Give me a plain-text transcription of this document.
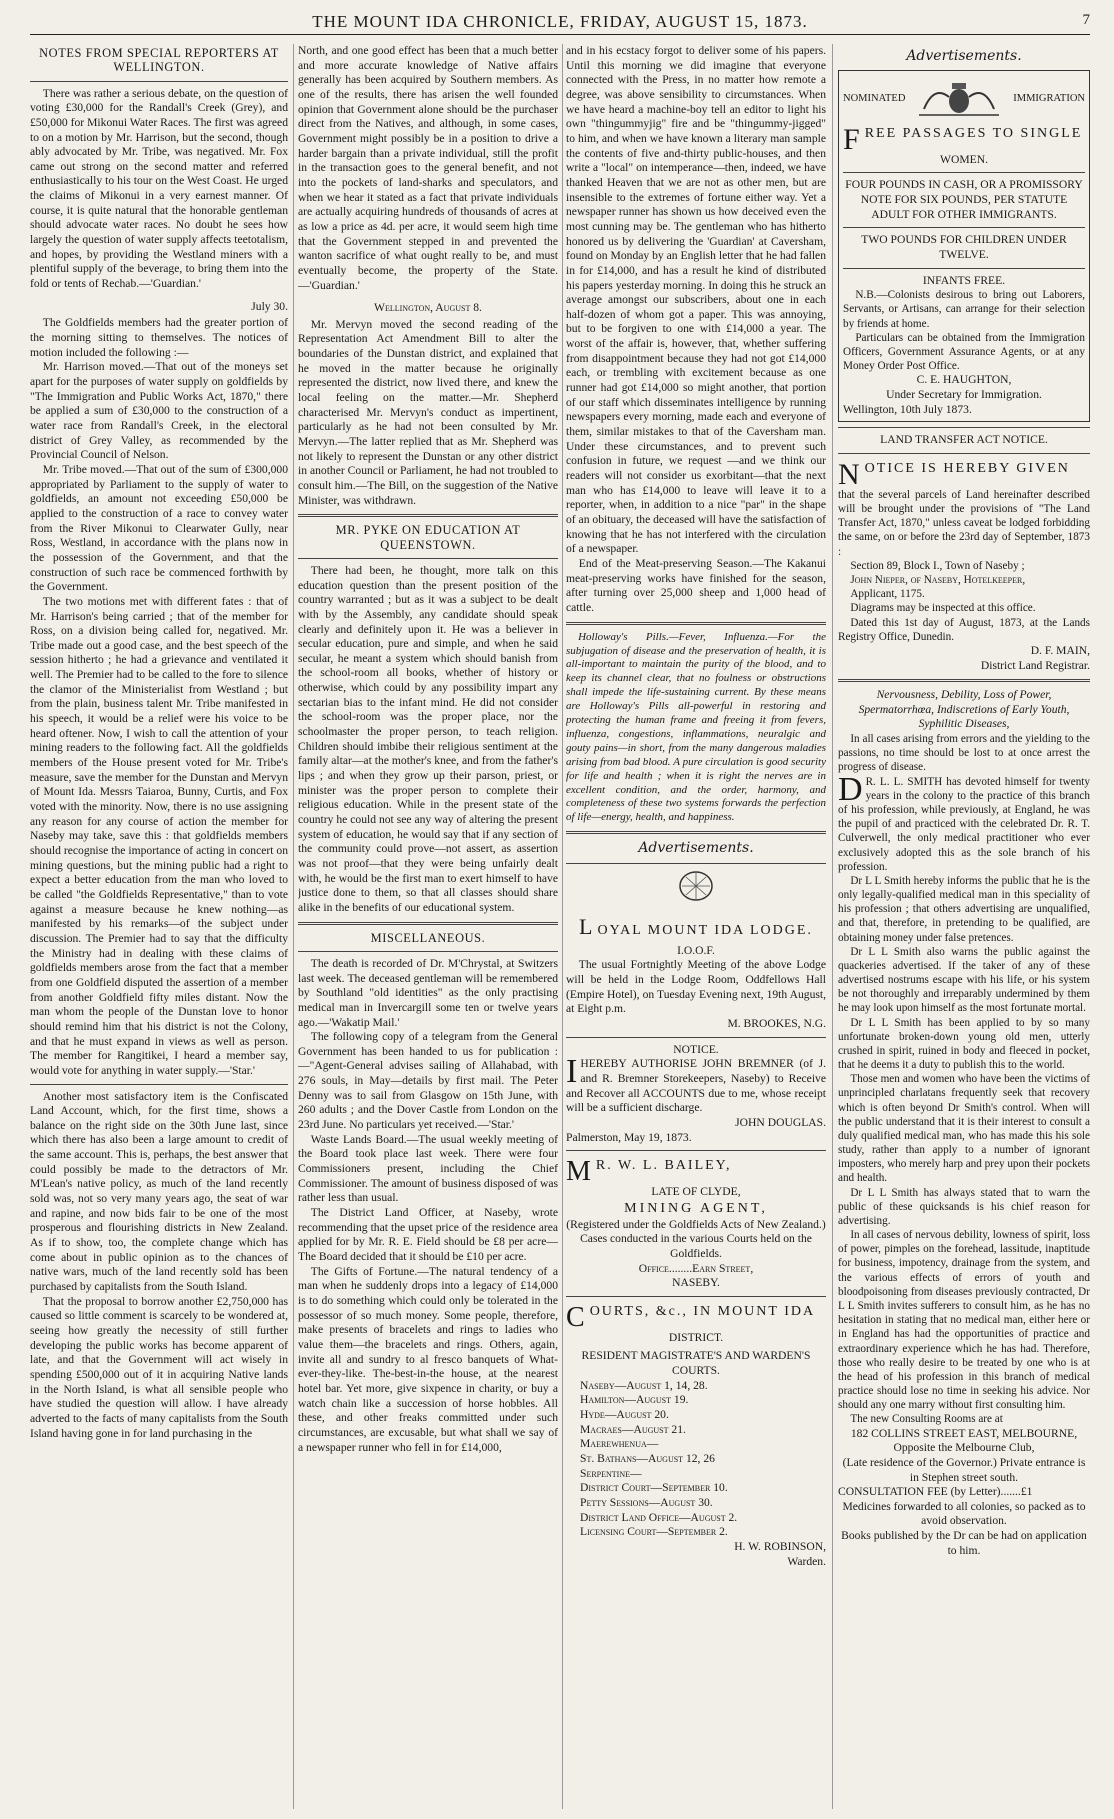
THE MOUNT IDA CHRONICLE, FRIDAY, AUGUST 15, 1873.	7
NOTES FROM SPECIAL REPORTERS AT WELLINGTON.

There was rather a serious debate, on the question of voting £30,000 for the Randall's Creek (Grey), and £50,000 for Mikonui Water Races. The first was agreed to on a motion by Mr. Harrison, but the second, though ably advocated by Mr. Tribe, was negatived. Mr. Fox came out strong on the second matter and referred enthusiastically to his tour on the West Coast. He urged the claims of Mikonui in a very earnest manner. Of course, it is quite natural that the honorable gentleman should advocate water races. No doubt he sees how largely the question of water supply affects teetotalism, and hopes, by providing the Westland miners with a plentiful supply of the beverage, to bring them into the fold or tents of Rechab.—'Guardian.'

July 30.

The Goldfields members had the greater portion of the morning sitting to themselves. The notices of motion included the following :—

Mr. Harrison moved.—That out of the moneys set apart for the purposes of water supply on goldfields by "The Immigration and Public Works Act, 1870," there be applied a sum of £30,000 to the construction of a water race from Randall's Creek, in the electoral district of Grey Valley, as recommended by the Provincial Council of Nelson.

Mr. Tribe moved.—That out of the sum of £300,000 appropriated by Parliament to the supply of water to goldfields, an amount not exceeding £50,000 be applied to the construction of a race to convey water from the River Mikonui to Clearwater Gully, near Ross, Westland, in accordance with the plans now in the possession of the Government, and that the construction of such race be commenced forthwith by the Government.

The two motions met with different fates : that of Mr. Harrison's being carried ; that of the member for Ross, on a division being called for, negatived. Mr. Tribe made out a good case, and the best speech of the session hitherto ; he had a grievance and ventilated it well. The Premier had to be called to the fore to silence the clamor of the Ministerialist from Westland ; but from the plain, business talent Mr. Tribe manifested in his speech, it would be a relief were his voice to be heard oftener. Now, I wish to call the attention of your mining readers to the following fact. All the goldfields members of the House present voted for Mr. Tribe's measure, save the member for the Dunstan and Mervyn of Mount Ida. Messrs Taiaroa, Bunny, Curtis, and Fox voted with the minority. Now, there is no use assigning any reason for any course of action the member for Naseby may take, save this : that goldfields members should recognise the importance of acting in concert on mining questions, but the mining public had a right to expect a better education from the man who loved to be called "the Goldfields Representative," than to vote against a measure because he knew nothing—as manifested by his remarks—of the subject under discussion. The Premier had to say that the difficulty the Ministry had in dealing with these claims of goldfields members arose from the fact that a member from one Goldfield disputed the assertion of a member from another Goldfield fifty miles distant. Now the man whom the people of the Dunstan love to honor should remind him that his district is not the Colony, and that he must expand in views as well as person. The member for Rangitikei, I heard a member say, would vote for anything in water supply.—'Star.'

Another most satisfactory item is the Confiscated Land Account, which, for the first time, shows a balance on the right side on the 30th June last, since which there has also been a large amount to credit of the same account. This is, perhaps, the best answer that could possibly be made to the detractors of Mr. M'Lean's native policy, as much of the land recently sold was, not so very many years ago, the seat of war and rapine, and now bids fair to be one of the most prosperous and flourishing districts in New Zealand. As if to show, too, the complete change which has come about in public opinion as to the chances of native wars, much of the land recently sold has been purchased by capitalists from the South Island.

That the proposal to borrow another £2,750,000 has caused so little comment is scarcely to be wondered at, seeing how greatly the necessity of still further developing the public works has become apparent of late, and that the Government will act wisely in spending £500,000 out of it in acquiring Native lands in the North Island, is what all sensible people who have studied the question will allow. I have already adverted to the facts of many capitalists from the South Island having gone in for land purchasing in the

North, and one good effect has been that a much better and more accurate knowledge of Native affairs generally has been acquired by Southern members. As one of the results, there has arisen the well founded opinion that Government alone should be the purchaser direct from the Natives, and although, in some cases, Government might possibly be in a position to drive a harder bargain than a private individual, still the profit in the transaction goes to the general benefit, and not into the pockets of land-sharks and speculators, and when we hear it stated as a fact that private individuals are actually acquiring hundreds of thousands of acres at as low a price as 4d. per acre, it would seem high time that the Government stepped in and prevented the wanton sacrifice of what ought really to be, and must eventually become, the property of the State.—'Guardian.'

Wellington, August 8.

Mr. Mervyn moved the second reading of the Representation Act Amendment Bill to alter the boundaries of the Dunstan district, and explained that he moved in the matter because he originally represented the district, now lived there, and knew the local feeling on the matter.—Mr. Shepherd characterised Mr. Mervyn's conduct as impertinent, particularly as he had not been consulted by Mr. Mervyn.—The latter replied that as Mr. Shepherd was not likely to represent the Dunstan or any other district in another Council or Parliament, he had not troubled to consult him.—The Bill, on the suggestion of the Native Minister, was withdrawn.

MR. PYKE ON EDUCATION AT QUEENSTOWN.

There had been, he thought, more talk on this education question than the present position of the country warranted ; but as it was a subject to be dealt with by the Assembly, any candidate should speak clearly and definitely upon it. He was a believer in secular education, pure and simple, and when he said secular, he meant a system which should banish from the school-room all books, whether of history or otherwise, which could by any possibility impart any sectarian bias to the infant mind. He did not consider the school-room was the proper place, nor the schoolmaster the proper person, to teach religion. Children should imbibe their religious sentiment at the family altar—at the mother's knee, and from the father's lips ; and when they grow up their parson, priest, or minister was the proper person to complete their religious education. While in the present state of the country he could not see any way of altering the present system of education, he would say that if any section of the community could prove—not assert, as assertion was not proof—that they were being unfairly dealt with, he would be the first man to exert himself to have justice done to them, so that all classes should share alike in the benefits of our educational system.

MISCELLANEOUS.

The death is recorded of Dr. M'Chrystal, at Switzers last week. The deceased gentleman will be remembered by Southland "old identities" as the only practising medical man in Invercargill some ten or twelve years ago.—'Wakatip Mail.'

The following copy of a telegram from the General Government has been handed to us for publication :—"Agent-General advises sailing of Allahabad, with 276 souls, in May—details by first mail. The Peter Denny was to sail from Glasgow on 15th June, with 260 adults ; and the Dover Castle from London on the 23rd June. No particulars yet received.—'Star.'

Waste Lands Board.—The usual weekly meeting of the Board took place last week. There were four Commissioners present, including the Chief Commissioner. The amount of business disposed of was rather less than usual.

The District Land Officer, at Naseby, wrote recommending that the upset price of the residence area applied for by Mr. R. E. Field should be £8 per acre—The Board decided that it should be £10 per acre.

The Gifts of Fortune.—The natural tendency of a man when he suddenly drops into a legacy of £14,000 is to do something which could only be tolerated in the possessor of so much money. Some people, therefore, make presents of bracelets and rings to ladies who value them—the bracelets and rings. Others, again, invite all and sundry to al fresco banquets of What-ever-they-like. The-best-in-the house, at the nearest hotel bar. Yet more, give sixpence in charity, or buy a watch chain like a succession of horse hobbles. All these, and other freaks committed under such circumstances, are excusable, but what shall we say of a newspaper runner who fell in for £14,000,

and in his ecstacy forgot to deliver some of his papers. Until this morning we did imagine that everyone connected with the Press, in no matter how remote a degree, was above sensibility to circumstances. When we have heard a machine-boy tell an editor to light his own "thingummyjig" fire and be "thingummy-jigged" to him, and when we have known a literary man sample the contents of five and-thirty public-houses, and then write a "local" on intemperance—then, indeed, we have thanked Heaven that we are not as other men, but are insensible to the extremes of fortune either way. Yet a newspaper runner has shown us how deceived even the most cunning may be. The gentleman who has hitherto honored us by delivering the 'Guardian' at Caversham, found on Monday by an English letter that he had fallen in for £14,000, and has a result he kind of distributed his papers yesterday morning. In doing this he struck an average amongst our subscribers, about one in each half-dozen of whom got a paper. This was annoying, but to be forgiven to one with £14,000 a year. The worst of the affair is, however, that, whether suffering from disappointment because they had not got £14,000 each, or trembling with excitement because as one runner had got £14,000 so might another, that portion of our staff which disseminates intelligence by running newspapers every morning, made each and everyone of them, similar mistakes to that of the Caversham man. Under these circumstances, and to prevent such confusion in future, we request —and we think our readers will not consider us exorbitant—that the next man who has £14,000 to leave will leave it to a reporter, when, in addition to a nice "par" in the shape of an obituary, the deceased will have the satisfaction of knowing that he has not interfered with the circulation of a newspaper.

End of the Meat-preserving Season.—The Kakanui meat-preserving works have finished for the season, after turning over 25,000 sheep and 1,000 head of cattle.

Holloway's Pills.—Fever, Influenza.—For the subjugation of disease and the preservation of health, it is all-important to maintain the purity of the blood, and to keep its channel clear, that no foulness or obstructions shall impede the life-sustaining current. By these means are Holloway's Pills all-powerful in restoring and protecting the human frame and freeing it from fevers, influenza, congestions, inflammations, neuralgic and gouty pains—in short, from the many dangerous maladies arising from bad blood. A pure circulation is good security for life and health ; when it is right the nerves are in excellent condition, and the order, harmony, and completeness of these two systems forwards the perfection of life—energy, health, and happiness.

Advertisements.
LOYAL MOUNT IDA LODGE.
I.O.O.F.

The usual Fortnightly Meeting of the above Lodge will be held in the Lodge Room, Oddfellows Hall (Empire Hotel), on Tuesday Evening next, 19th August, at Eight p.m.

M. BROOKES, N.G.
NOTICE.

IHEREBY AUTHORISE JOHN BREMNER (of J. and R. Bremner Storekeepers, Naseby) to Receive and Recover all ACCOUNTS due to me, whose receipt will be a sufficient discharge.

JOHN DOUGLAS.
Palmerston, May 19, 1873.
M R. W. L. BAILEY,
LATE OF CLYDE,
MINING AGENT,
(Registered under the Goldfields Acts of New Zealand.)
Cases conducted in the various Courts held on the Goldfields.
Office........Earn Street,
NASEBY.
COURTS, &c., IN MOUNT IDA
DISTRICT.
RESIDENT MAGISTRATE'S AND WARDEN'S COURTS.
Naseby—August 1, 14, 28.
Hamilton—August 19.
Hyde—August 20.
Macraes—August 21.
Maerewhenua—
St. Bathans—August 12, 26
Serpentine—
District Court—September 10.
Petty Sessions—August 30.
District Land Office—August 2.
Licensing Court—September 2.
H. W. ROBINSON,
Warden.
Advertisements.
NOMINATED	IMMIGRATION
FREE PASSAGES TO SINGLE
WOMEN.
FOUR POUNDS IN CASH, OR A PROMISSORY NOTE FOR SIX POUNDS, PER STATUTE ADULT FOR OTHER IMMIGRANTS.
TWO POUNDS FOR CHILDREN UNDER TWELVE.
INFANTS FREE.

N.B.—Colonists desirous to bring out Laborers, Servants, or Artisans, can arrange for their selection by friends at home.

Particulars can be obtained from the Immigration Officers, Government Assurance Agents, or at any Money Order Post Office.

C. E. HAUGHTON,
Under Secretary for Immigration.
Wellington, 10th July 1873.
LAND TRANSFER ACT NOTICE.
NOTICE IS HEREBY GIVEN

that the several parcels of Land hereinafter described will be brought under the provisions of "The Land Transfer Act, 1870," unless caveat be lodged forbidding the same, on or before the 23rd day of September, 1873 :

Section 89, Block I., Town of Naseby ;

John Nieper, of Naseby, Hotelkeeper,

Applicant, 1175.

Diagrams may be inspected at this office.

Dated this 1st day of August, 1873, at the Lands Registry Office, Dunedin.

D. F. MAIN,
District Land Registrar.
Nervousness, Debility, Loss of Power, Spermatorrhœa, Indiscretions of Early Youth, Syphilitic Diseases,

In all cases arising from errors and the yielding to the passions, no time should be lost to at once arrest the progress of disease.

D R. L. L. SMITH has devoted himself for twenty years in the colony to the practice of this branch of his profession, while previously, at England, he was the pupil of and practiced with the celebrated Dr. R. T. Culverwell, the only medical practitioner who ever exclusively adopted this as the sole branch of his profession.

Dr L L Smith hereby informs the public that he is the only legally-qualified medical man in this speciality of his profession ; that others advertising are unqualified, and that, therefore, in pretending to be qualified, are obtaining money under false pretences.

Dr L L Smith also warns the public against the quackeries advertised. If the taker of any of these advertised nostrums escape with his life, or his system be not thoroughly and irreparably undermined by them he may look upon himself as the most fortunate mortal.

Dr L L Smith has been applied to by so many unfortunate broken-down young old men, utterly crushed in spirit, ruined in body and fleeced in pocket, that he deems it a duty to publish this to the world.

Those men and women who have been the victims of unprincipled charlatans frequently seek that recovery which is often beyond Dr Smith's control. When will the public understand that it is their interest to consult a duly qualified medical man, who has made this his sole study, rather than apply to a number of ignorant imposters, who merely harp and prey upon their pockets and health.

Dr L L Smith has always stated that to warn the public of these quicksands is his chief reason for advertising.

In all cases of nervous debility, lowness of spirit, loss of power, pimples on the forehead, lassitude, inaptitude for business, impotency, drainage from the system, and the various effects of errors of youth and bloodpoisoning from diseases previously contracted, Dr L L Smith invites sufferers to consult him, as he has no hesitation in stating that no medical man, either here or in England has had the opportunities of practice and extraordinary experience which he has had. Therefore, those who really desire to be treated by one who is at the head of his profession in this branch of medical practice should lose no time in seeking his advice. Nor should any one marry without first consulting him.

The new Consulting Rooms are at

182 COLLINS STREET EAST, MELBOURNE,
Opposite the Melbourne Club,
(Late residence of the Governor.) Private entrance is in Stephen street south.
CONSULTATION FEE (by Letter).......£1
Medicines forwarded to all colonies, so packed as to avoid observation.
Books published by the Dr can be had on application to him.
